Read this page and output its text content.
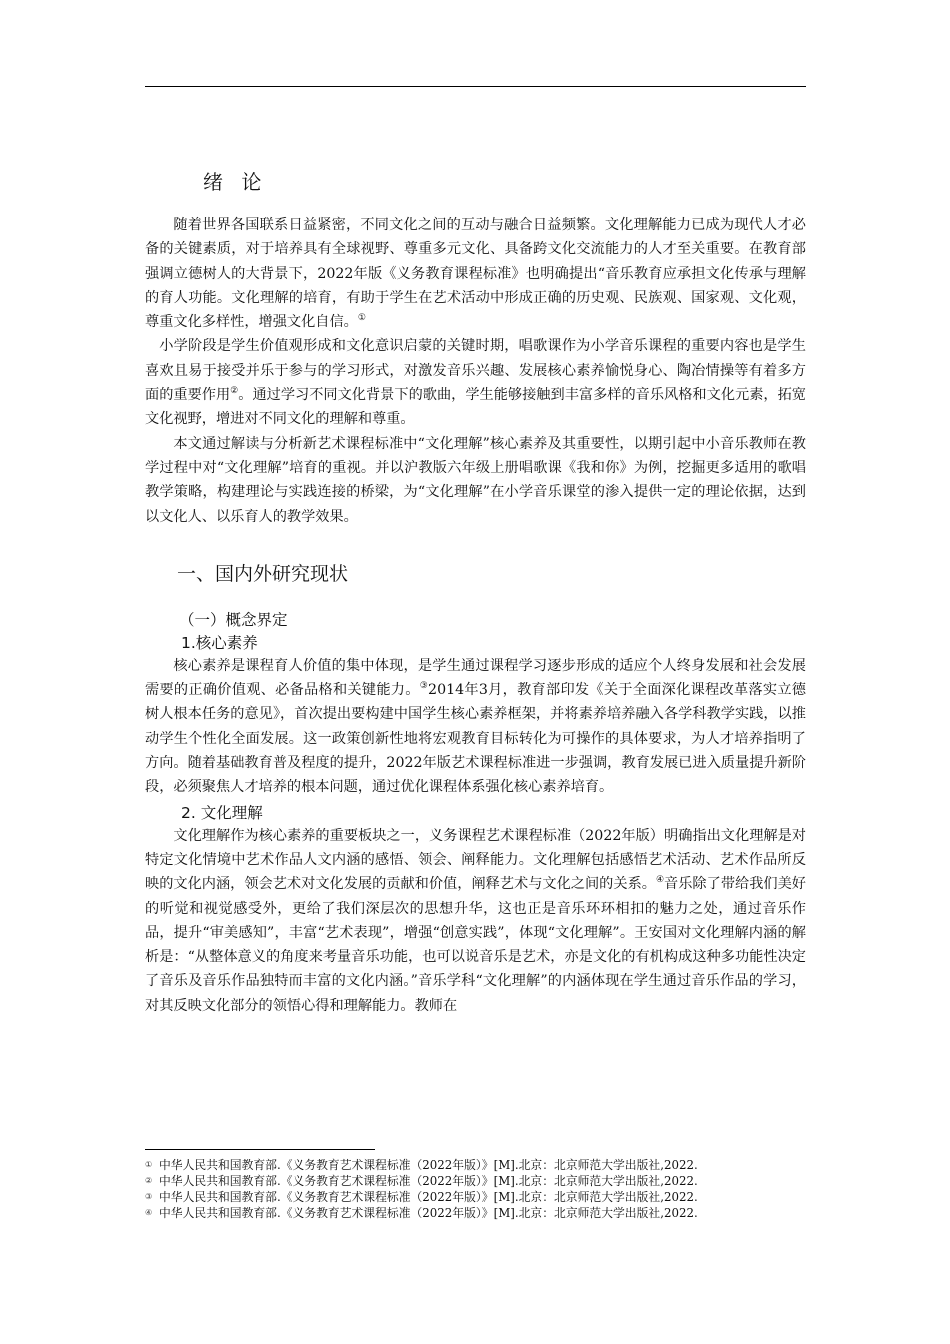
绪 论

随着世界各国联系日益紧密，不同文化之间的互动与融合日益频繁。文化理解能力已成为现代人才必备的关键素质，对于培养具有全球视野、尊重多元文化、具备跨文化交流能力的人才至关重要。在教育部强调立德树人的大背景下，2022年版《义务教育课程标准》也明确提出“音乐教育应承担文化传承与理解的育人功能。文化理解的培育，有助于学生在艺术活动中形成正确的历史观、民族观、国家观、文化观，尊重文化多样性，增强文化自信。①

小学阶段是学生价值观形成和文化意识启蒙的关键时期，唱歌课作为小学音乐课程的重要内容也是学生喜欢且易于接受并乐于参与的学习形式，对激发音乐兴趣、发展核心素养愉悦身心、陶冶情操等有着多方面的重要作用②。通过学习不同文化背景下的歌曲，学生能够接触到丰富多样的音乐风格和文化元素，拓宽文化视野，增进对不同文化的理解和尊重。

本文通过解读与分析新艺术课程标准中“文化理解”核心素养及其重要性，以期引起中小音乐教师在教学过程中对“文化理解”培育的重视。并以沪教版六年级上册唱歌课《我和你》为例，挖掘更多适用的歌唱教学策略，构建理论与实践连接的桥梁，为“文化理解”在小学音乐课堂的渗入提供一定的理论依据，达到以文化人、以乐育人的教学效果。

一、国内外研究现状
（一）概念界定
1.核心素养

核心素养是课程育人价值的集中体现，是学生通过课程学习逐步形成的适应个人终身发展和社会发展需要的正确价值观、必备品格和关键能力。③2014年3月，教育部印发《关于全面深化课程改革落实立德树人根本任务的意见》，首次提出要构建中国学生核心素养框架，并将素养培养融入各学科教学实践，以推动学生个性化全面发展。这一政策创新性地将宏观教育目标转化为可操作的具体要求，为人才培养指明了方向。随着基础教育普及程度的提升，2022年版艺术课程标准进一步强调，教育发展已进入质量提升新阶段，必须聚焦人才培养的根本问题，通过优化课程体系强化核心素养培育。

2. 文化理解

文化理解作为核心素养的重要板块之一，义务课程艺术课程标准（2022年版）明确指出文化理解是对特定文化情境中艺术作品人文内涵的感悟、领会、阐释能力。文化理解包括感悟艺术活动、艺术作品所反映的文化内涵，领会艺术对文化发展的贡献和价值，阐释艺术与文化之间的关系。④音乐除了带给我们美好的听觉和视觉感受外，更给了我们深层次的思想升华，这也正是音乐环环相扣的魅力之处，通过音乐作品，提升“审美感知”，丰富“艺术表现”，增强“创意实践”，体现“文化理解”。王安国对文化理解内涵的解析是：“从整体意义的角度来考量音乐功能，也可以说音乐是艺术，亦是文化的有机构成这种多功能性决定了音乐及音乐作品独特而丰富的文化内涵。”音乐学科“文化理解”的内涵体现在学生通过音乐作品的学习，对其反映文化部分的领悟心得和理解能力。教师在

① 中华人民共和国教育部.《义务教育艺术课程标准（2022年版）》[M].北京：北京师范大学出版社,2022.
② 中华人民共和国教育部.《义务教育艺术课程标准（2022年版）》[M].北京：北京师范大学出版社,2022.
③ 中华人民共和国教育部.《义务教育艺术课程标准（2022年版）》[M].北京：北京师范大学出版社,2022.
④ 中华人民共和国教育部.《义务教育艺术课程标准（2022年版）》[M].北京：北京师范大学出版社,2022.
